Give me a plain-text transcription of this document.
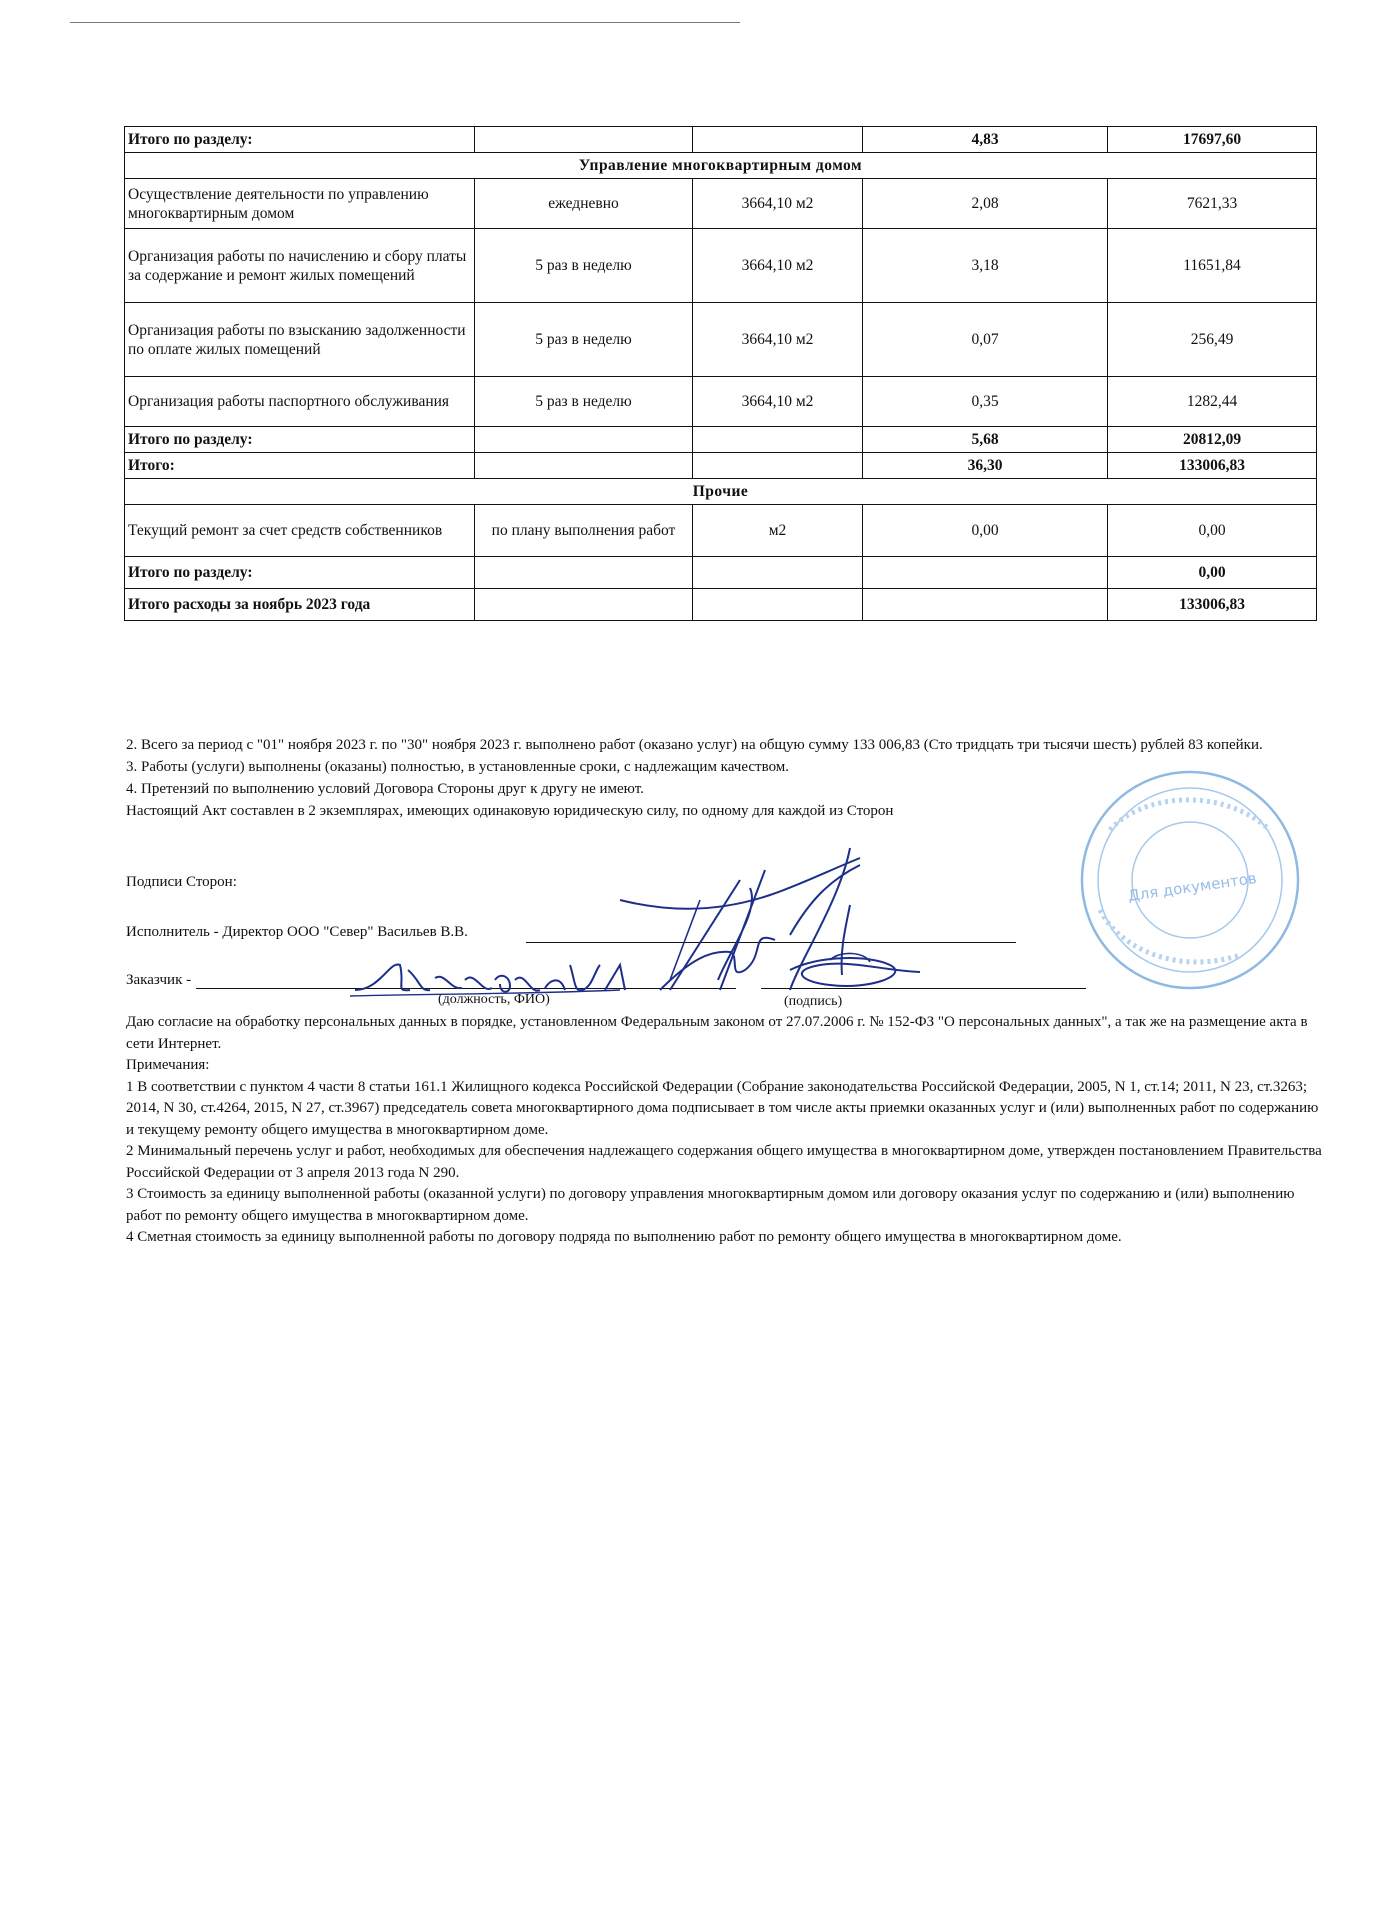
Итого по разделу:			4,83	17697,60
Управление многоквартирным домом				
Осуществление деятельности по управлению многоквартирным домом	ежедневно	3664,10 м2	2,08	7621,33
Организация работы по начислению и сбору платы за содержание и ремонт жилых помещений	5 раз в неделю	3664,10 м2	3,18	11651,84
Организация работы по взысканию задолженности по оплате жилых помещений	5 раз в неделю	3664,10 м2	0,07	256,49
Организация работы паспортного обслуживания	5 раз в неделю	3664,10 м2	0,35	1282,44
Итого по разделу:			5,68	20812,09
Итого:			36,30	133006,83
Прочие				
Текущий ремонт за счет средств собственников	по плану выполнения работ	м2	0,00	0,00
Итого по разделу:				0,00
Итого расходы за ноябрь 2023 года				133006,83

2. Всего за период с "01" ноября 2023 г. по "30" ноября 2023 г. выполнено работ (оказано услуг) на общую сумму 133 006,83 (Сто тридцать три тысячи шесть) рублей 83 копейки.

3. Работы (услуги) выполнены (оказаны) полностью, в установленные сроки, с надлежащим качеством.

4. Претензий по выполнению условий Договора Стороны друг к другу не имеют.

Настоящий Акт составлен в 2 экземплярах, имеющих одинаковую юридическую силу, по одному для каждой из Сторон

Подписи Сторон:
Исполнитель - Директор ООО "Север" Васильев В.В.
Заказчик -
(должность, ФИО)	(подпись)
Для документов

Даю согласие на обработку персональных данных в порядке, установленном Федеральным законом от 27.07.2006 г. № 152-ФЗ "О персональных данных", а так же на размещение акта в сети Интернет.

Примечания:

1 В соответствии с пунктом 4 части 8 статьи 161.1 Жилищного кодекса Российской Федерации (Собрание законодательства Российской Федерации, 2005, N 1, ст.14; 2011, N 23, ст.3263; 2014, N 30, ст.4264, 2015, N 27, ст.3967) председатель совета многоквартирного дома подписывает в том числе акты приемки оказанных услуг и (или) выполненных работ по содержанию и текущему ремонту общего имущества в многоквартирном доме.

2 Минимальный перечень услуг и работ, необходимых для обеспечения надлежащего содержания общего имущества в многоквартирном доме, утвержден постановлением Правительства Российской Федерации от 3 апреля 2013 года N 290.

3 Стоимость за единицу выполненной работы (оказанной услуги) по договору управления многоквартирным домом или договору оказания услуг по содержанию и (или) выполнению работ по ремонту общего имущества в многоквартирном доме.

4 Сметная стоимость за единицу выполненной работы по договору подряда по выполнению работ по ремонту общего имущества в многоквартирном доме.
